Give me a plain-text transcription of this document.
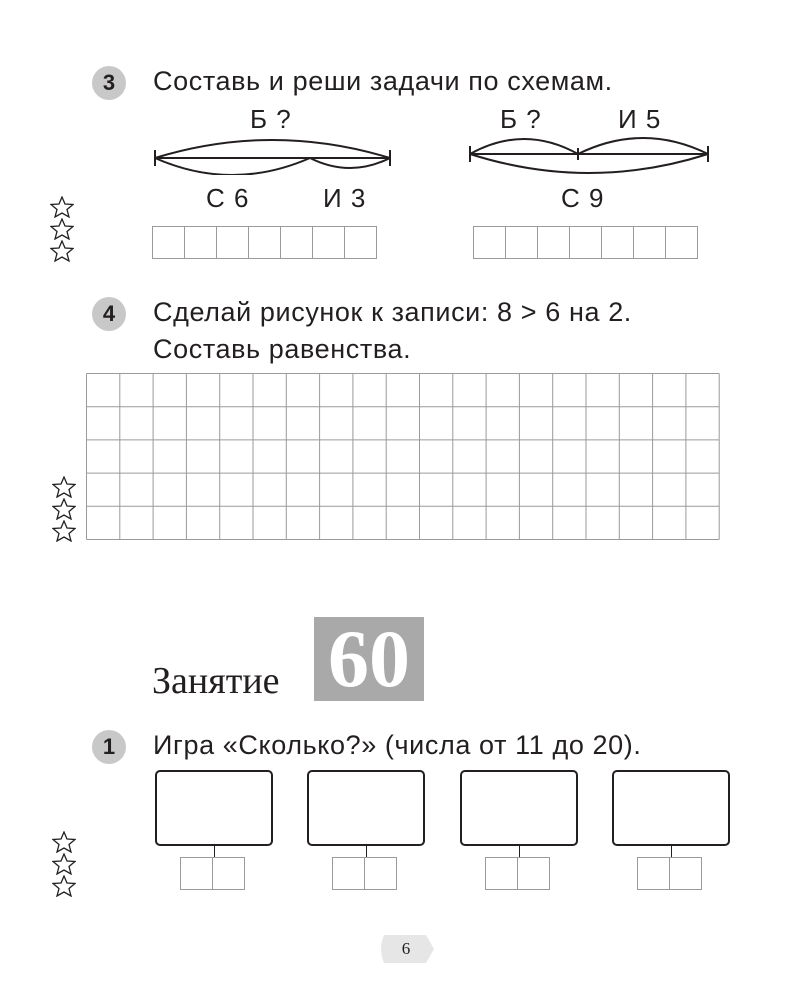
3 Составь и реши задачи по схемам.
Б ?
С 6	И 3
Б ?	И 5
С 9
4 Сделай рисунок к записи: 8 > 6 на 2.
Составь равенства.
Занятие 60
1 Игра «Сколько?» (числа от 11 до 20).
6
